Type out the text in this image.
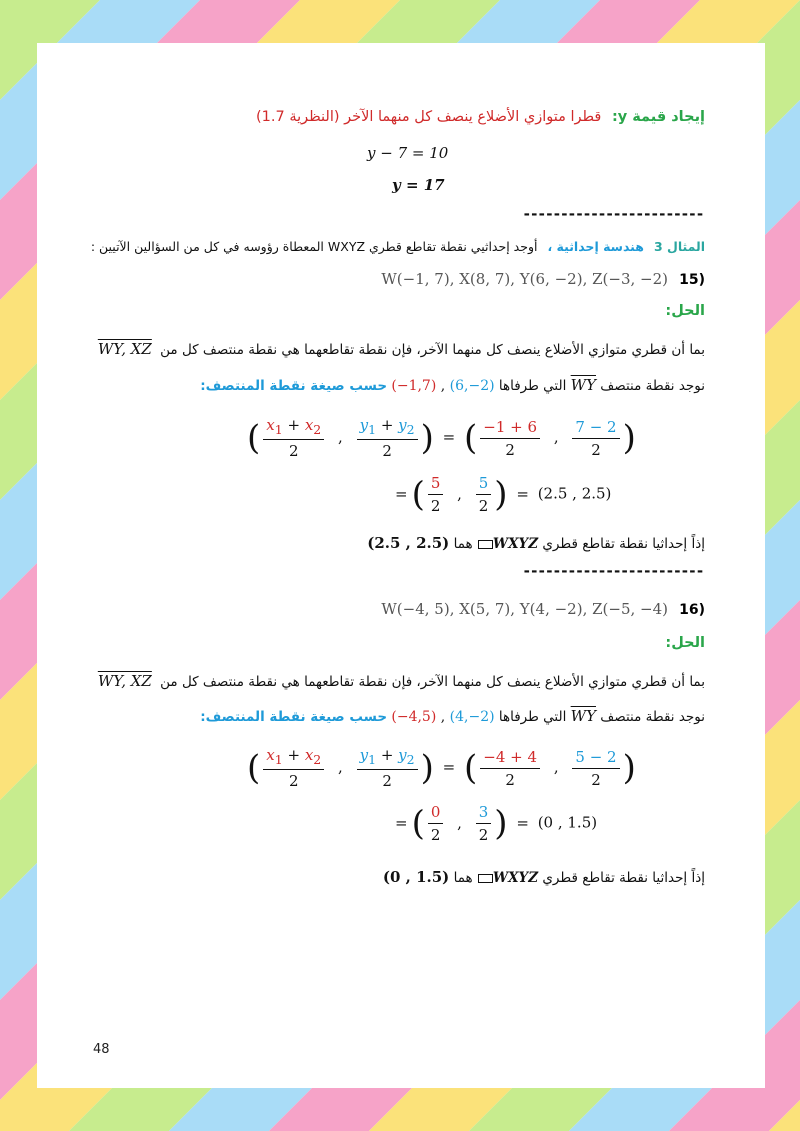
إيجاد قيمة y: قطرا متوازي الأضلاع ينصف كل منهما الآخر (النظرية 1.7)
y − 7 = 10
y = 17
------------------------
المثال 3 هندسة إحداثية ، أوجد إحداثيي نقطة تقاطع قطري WXYZ المعطاة رؤوسه في كل من السؤالين الآتيين :
W(−1, 7), X(8, 7), Y(6, −2), Z(−3, −2) 15)
الحل:
بما أن قطري متوازي الأضلاع ينصف كل منهما الآخر، فإن نقطة تقاطعهما هي نقطة منتصف كل من WY, XZ
نوجد نقطة منتصف WY التي طرفاها (−1,7) , (6,−2) حسب صيغة نقطة المنتصف:
( $\frac{x_1 + x_2}{2}$ , $\frac{y_1 + y_2}{2}$ ) = ( $\frac{-1 + 6}{2}$ , $\frac{7 - 2}{2}$ )
= ( $\frac{5}{2}$ , $\frac{5}{2}$ ) = (2.5 , 2.5)
إذاً إحداثيا نقطة تقاطع قطري WXYZ هما (2.5 , 2.5)
------------------------
W(−4, 5), X(5, 7), Y(4, −2), Z(−5, −4) 16)
الحل:
بما أن قطري متوازي الأضلاع ينصف كل منهما الآخر، فإن نقطة تقاطعهما هي نقطة منتصف كل من WY, XZ
نوجد نقطة منتصف WY التي طرفاها (−4,5) , (4,−2) حسب صيغة نقطة المنتصف:
( $\frac{x_1 + x_2}{2}$ , $\frac{y_1 + y_2}{2}$ ) = ( $\frac{-4 + 4}{2}$ , $\frac{5 - 2}{2}$ )
= ( $\frac{0}{2}$ , $\frac{3}{2}$ ) = (0 , 1.5)
إذاً إحداثيا نقطة تقاطع قطري WXYZ هما (0 , 1.5)
48
